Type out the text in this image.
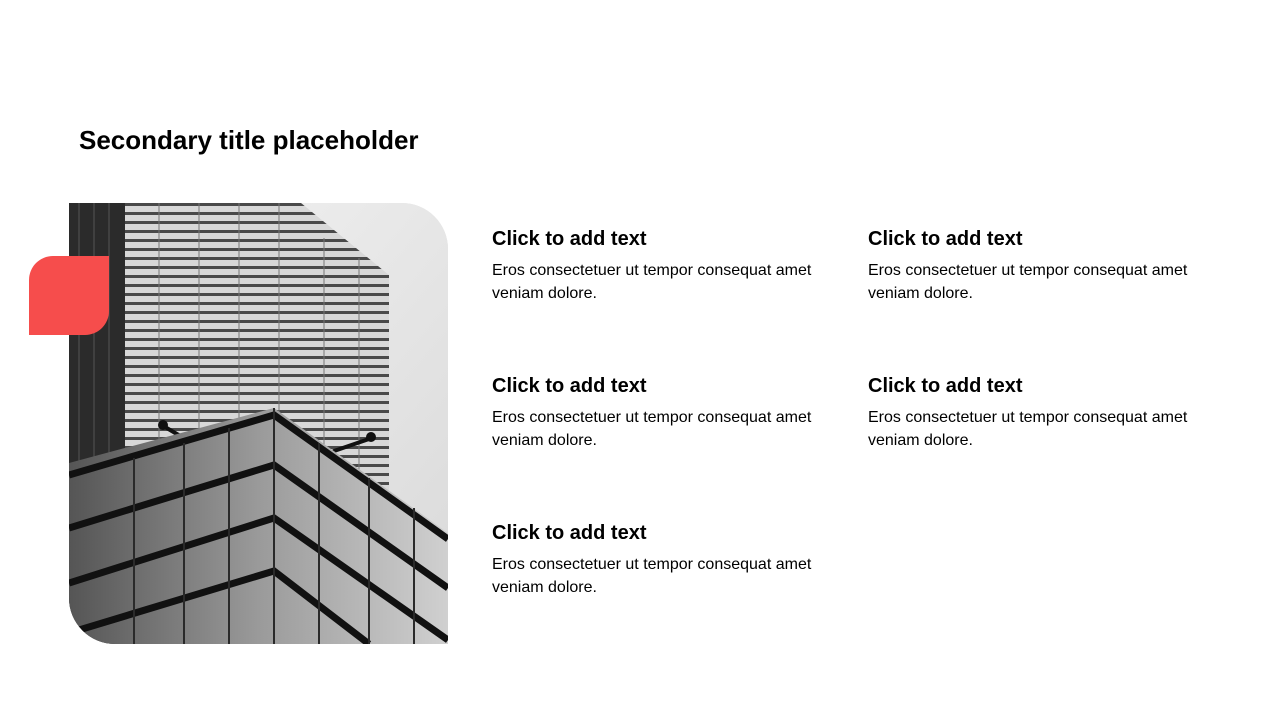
Secondary title placeholder
Click to add text

Eros consectetuer ut tempor consequat amet veniam dolore.

Click to add text

Eros consectetuer ut tempor consequat amet veniam dolore.

Click to add text

Eros consectetuer ut tempor consequat amet veniam dolore.

Click to add text

Eros consectetuer ut tempor consequat amet veniam dolore.

Click to add text

Eros consectetuer ut tempor consequat amet veniam dolore.
